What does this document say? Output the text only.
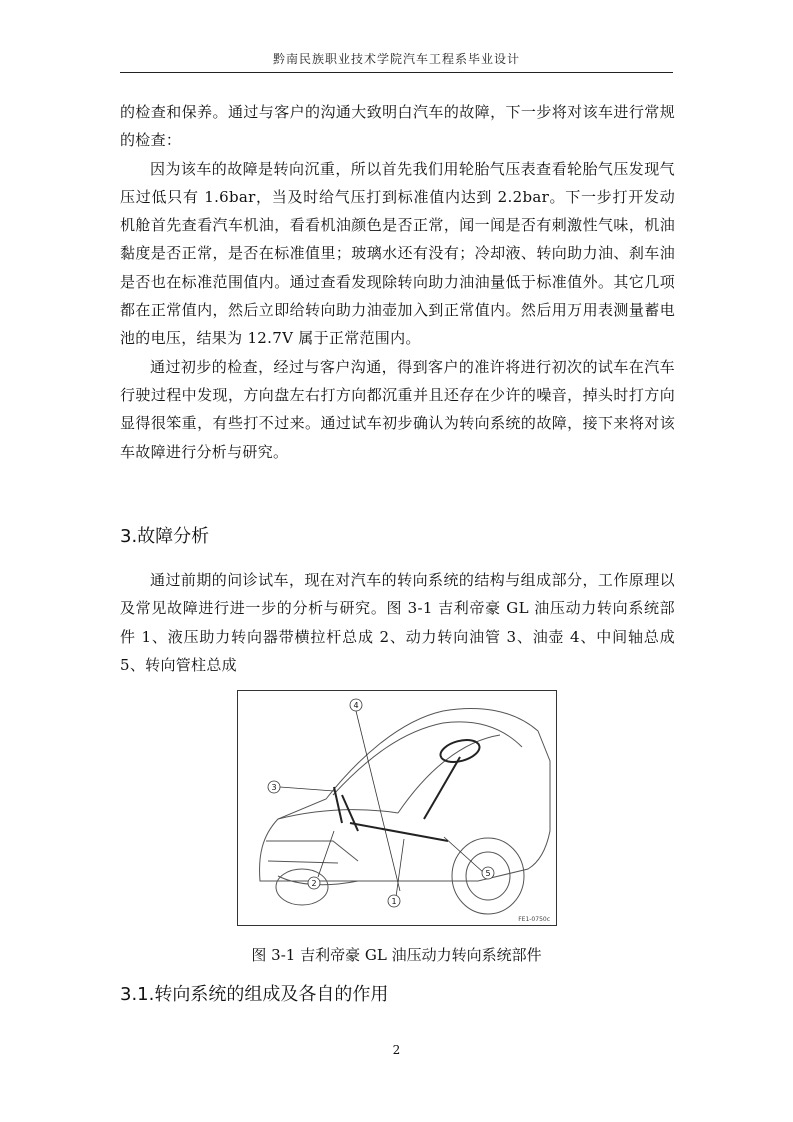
黔南民族职业技术学院汽车工程系毕业设计

的检查和保养。通过与客户的沟通大致明白汽车的故障，下一步将对该车进行常规的检查：

因为该车的故障是转向沉重，所以首先我们用轮胎气压表查看轮胎气压发现气压过低只有 1.6bar，当及时给气压打到标准值内达到 2.2bar。下一步打开发动机舱首先查看汽车机油，看看机油颜色是否正常，闻一闻是否有刺激性气味，机油黏度是否正常，是否在标准值里；玻璃水还有没有；冷却液、转向助力油、刹车油是否也在标准范围值内。通过查看发现除转向助力油油量低于标准值外。其它几项都在正常值内，然后立即给转向助力油壶加入到正常值内。然后用万用表测量蓄电池的电压，结果为 12.7V 属于正常范围内。

通过初步的检查，经过与客户沟通，得到客户的准许将进行初次的试车在汽车行驶过程中发现，方向盘左右打方向都沉重并且还存在少许的噪音，掉头时打方向显得很笨重，有些打不过来。通过试车初步确认为转向系统的故障，接下来将对该车故障进行分析与研究。

3.故障分析

通过前期的问诊试车，现在对汽车的转向系统的结构与组成部分，工作原理以及常见故障进行进一步的分析与研究。图 3-1 吉利帝豪 GL 油压动力转向系统部件 1、液压助力转向器带横拉杆总成 2、动力转向油管 3、油壶 4、中间轴总成 5、转向管柱总成

4
3
2
1
5
FE1-0750c
图 3-1 吉利帝豪 GL 油压动力转向系统部件
3.1.转向系统的组成及各自的作用
2
